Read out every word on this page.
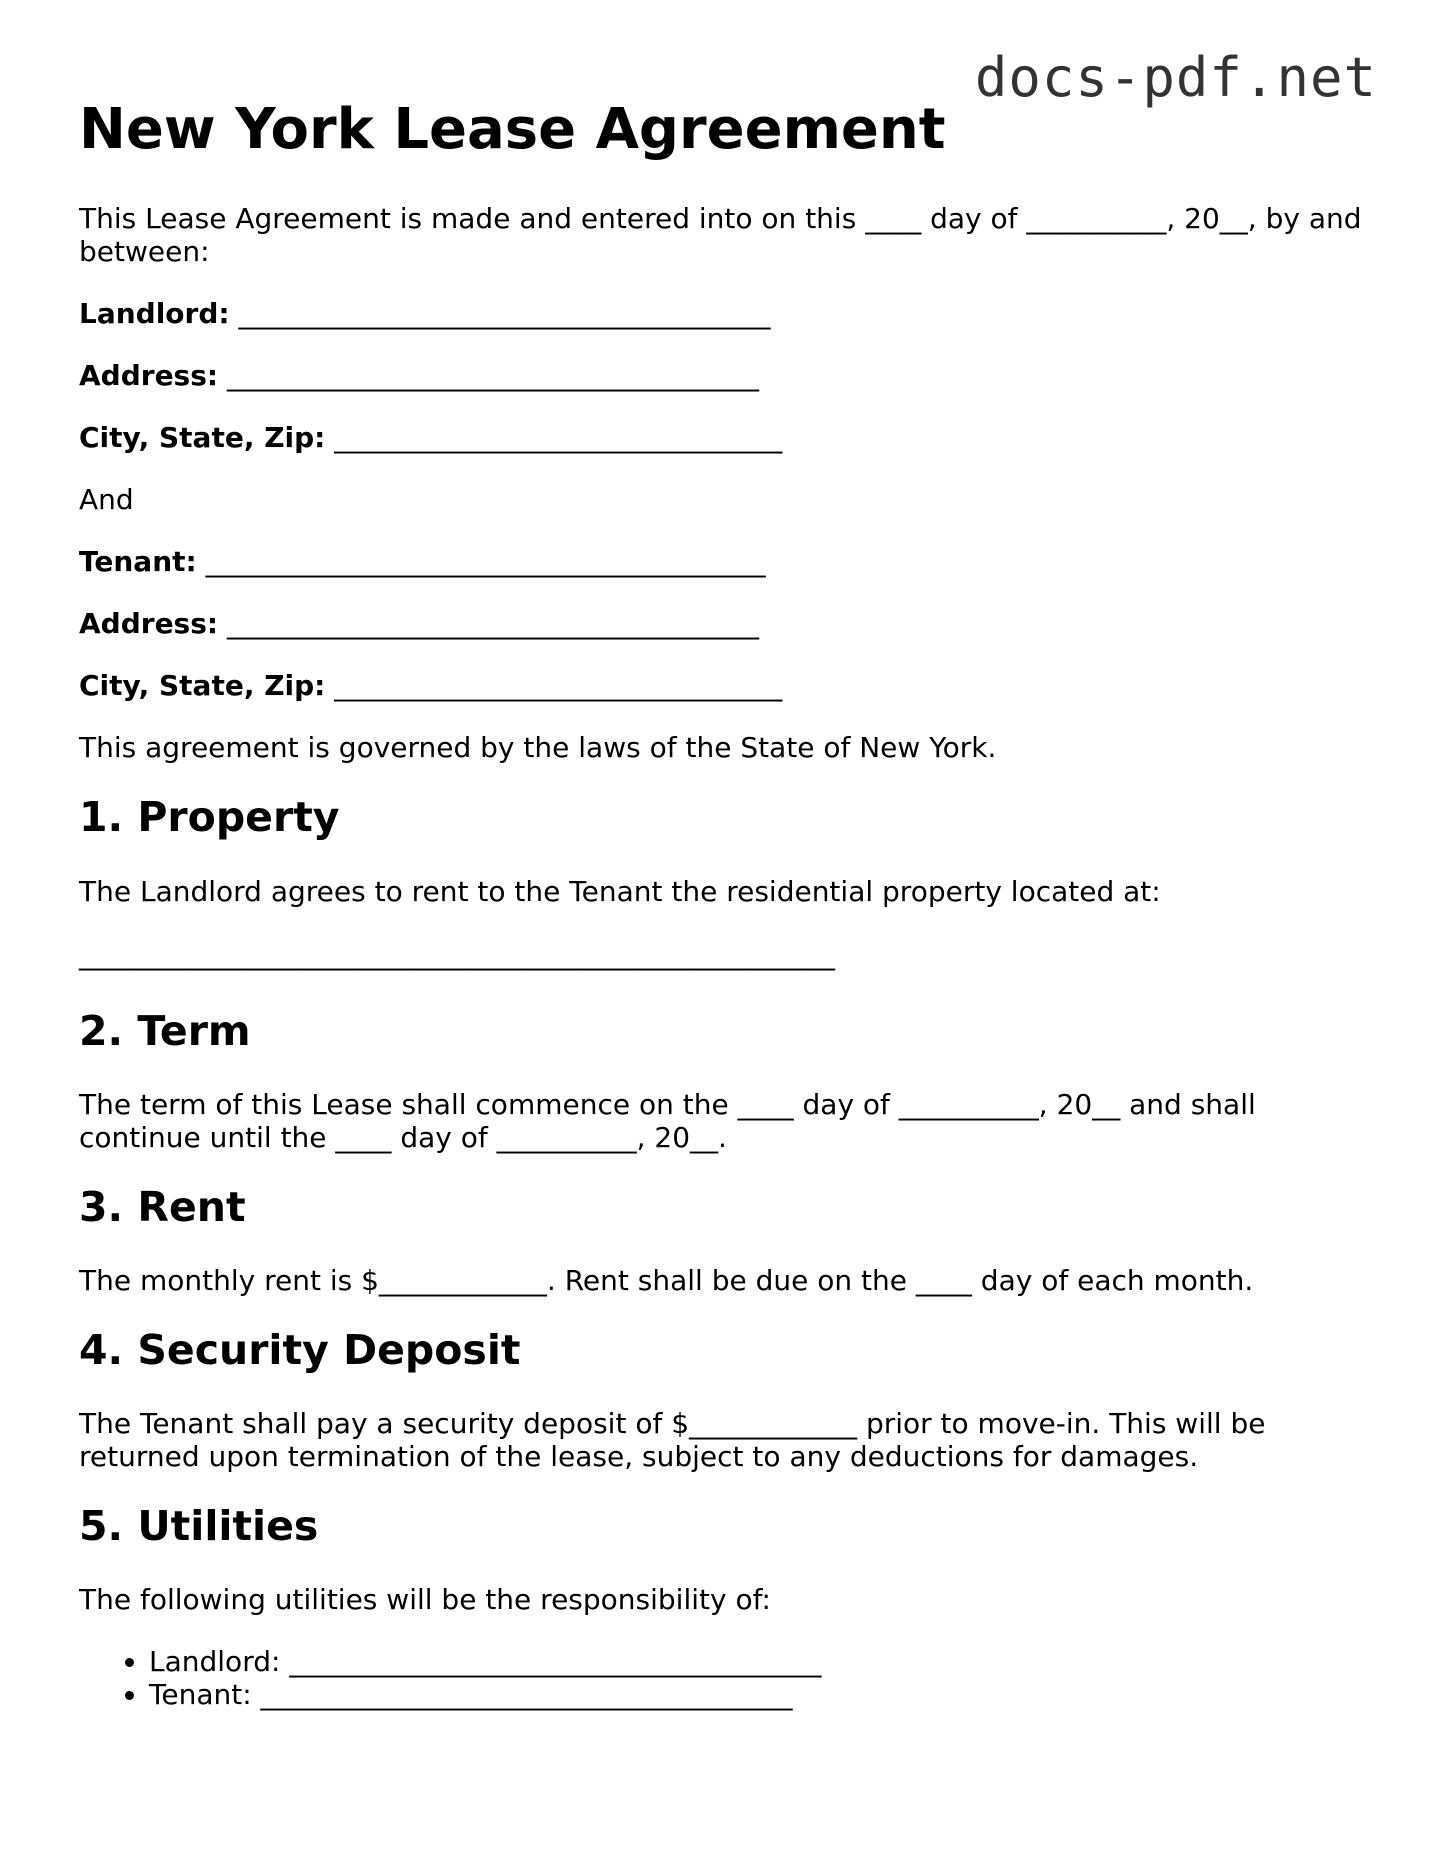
docs-pdf.net
New York Lease Agreement

This Lease Agreement is made and entered into on this ____ day of __________, 20__, by and between:

Landlord: ______________________________________

Address: ______________________________________

City, State, Zip: ________________________________

And

Tenant: ________________________________________

Address: ______________________________________

City, State, Zip: ________________________________

This agreement is governed by the laws of the State of New York.

1. Property

The Landlord agrees to rent to the Tenant the residential property located at:

______________________________________________________

2. Term

The term of this Lease shall commence on the ____ day of __________, 20__ and shall continue until the ____ day of __________, 20__.

3. Rent

The monthly rent is $____________. Rent shall be due on the ____ day of each month.

4. Security Deposit

The Tenant shall pay a security deposit of $____________ prior to move-in. This will be returned upon termination of the lease, subject to any deductions for damages.

5. Utilities

The following utilities will be the responsibility of:

• Landlord: ______________________________________
• Tenant: ______________________________________
